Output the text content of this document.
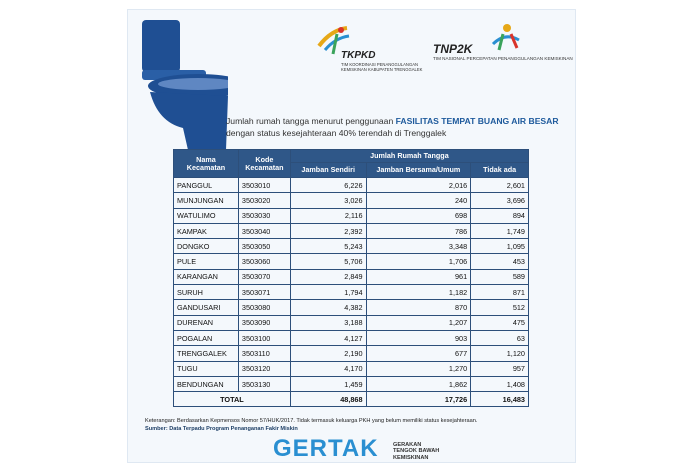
TKPKD
TIM KOORDINASI PENANGGULANGAN KEMISKINAN KABUPATEN TRENGGALEK
TNP2K
TIM NASIONAL PERCEPATAN PENANGGULANGAN KEMISKINAN
Jumlah rumah tangga menurut penggunaan FASILITAS TEMPAT BUANG AIR BESAR dengan status kesejahteraan 40% terendah di Trenggalek
Nama Kecamatan	Kode Kecamatan	Jumlah Rumah Tangga		
		Jamban Sendiri	Jamban Bersama/Umum	Tidak ada
PANGGUL	3503010	6,226	2,016	2,601
MUNJUNGAN	3503020	3,026	240	3,696
WATULIMO	3503030	2,116	698	894
KAMPAK	3503040	2,392	786	1,749
DONGKO	3503050	5,243	3,348	1,095
PULE	3503060	5,706	1,706	453
KARANGAN	3503070	2,849	961	589
SURUH	3503071	1,794	1,182	871
GANDUSARI	3503080	4,382	870	512
DURENAN	3503090	3,188	1,207	475
POGALAN	3503100	4,127	903	63
TRENGGALEK	3503110	2,190	677	1,120
TUGU	3503120	4,170	1,270	957
BENDUNGAN	3503130	1,459	1,862	1,408
TOTAL		48,868	17,726	16,483
Keterangan: Berdasarkan Kepmensos Nomor 57/HUK/2017. Tidak termasuk keluarga PKH yang belum memiliki status kesejahteraan.
Sumber: Data Terpadu Program Penanganan Fakir Miskin
GERTAK	GERAKAN
TENGOK BAWAH
KEMISKINAN
